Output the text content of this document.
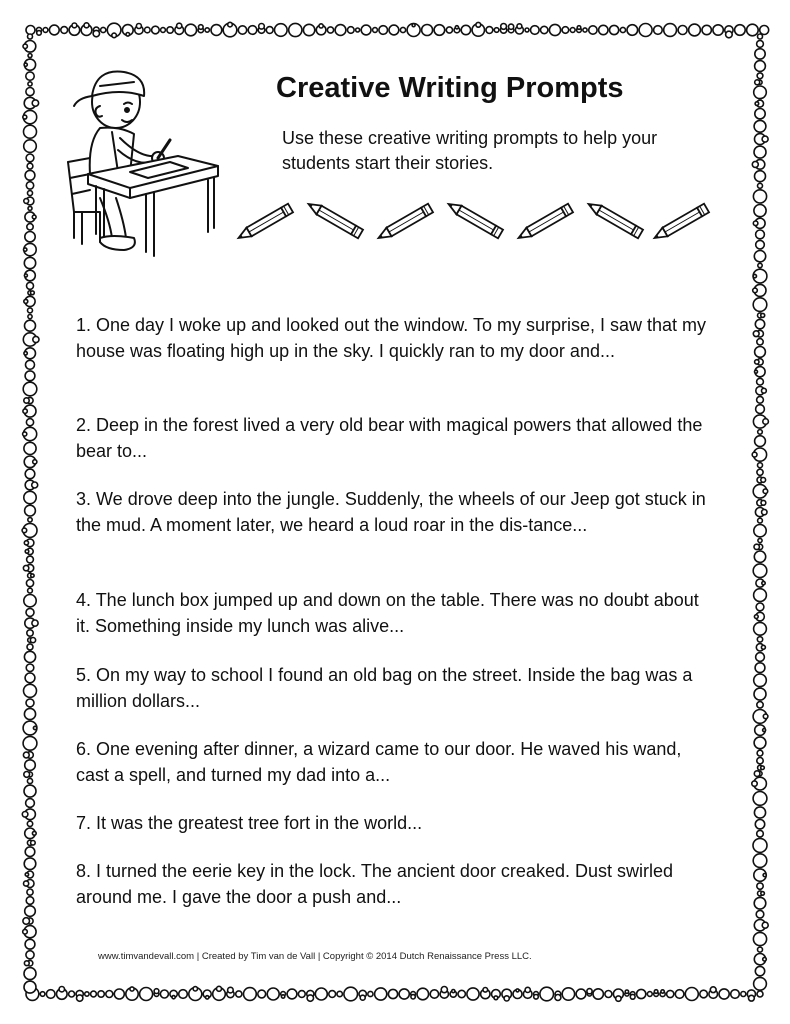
Creative Writing Prompts

Use these creative writing prompts to help your students start their stories.

1. One day I woke up and looked out the window. To my surprise, I saw that my house was floating high up in the sky. I quickly ran to my door and...
2. Deep in the forest lived a very old bear with magical powers that allowed the bear to...
3. We drove deep into the jungle. Suddenly, the wheels of our Jeep got stuck in the mud. A moment later, we heard a loud roar in the dis-tance...
4. The lunch box jumped up and down on the table. There was no doubt about it. Something inside my lunch was alive...
5. On my way to school I found an old bag on the street. Inside the bag was a million dollars...
6. One evening after dinner, a wizard came to our door. He waved his wand, cast a spell, and turned my dad into a...
7. It was the greatest tree fort in the world...
8. I turned the eerie key in the lock. The ancient door creaked. Dust swirled around me. I gave the door a push and...

www.timvandevall.com | Created by Tim van de Vall | Copyright © 2014 Dutch Renaissance Press LLC.
